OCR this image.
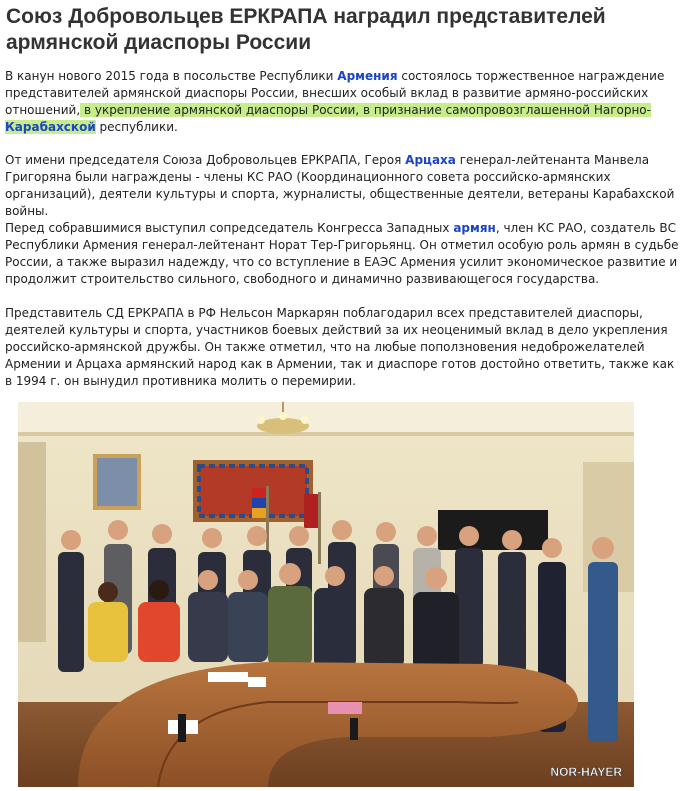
Союз Добровольцев ЕРКРАПА наградил представителей армянской диаспоры России

В канун нового 2015 года в посольстве Республики Армения состоялось торжественное награждение представителей армянской диаспоры России, внесших особый вклад в развитие армяно-российских отношений, в укрепление армянской диаспоры России, в признание самопровозглашенной Нагорно-Карабахской республики.

От имени председателя Союза Добровольцев ЕРКРАПА, Героя Арцаха генерал-лейтенанта Манвела Григоряна были награждены - члены КС РАО (Координационного совета российско-армянских организаций), деятели культуры и спорта, журналисты, общественные деятели, ветераны Карабахской войны.

Перед собравшимися выступил сопредседатель Конгресса Западных армян, член КС РАО, создатель ВС Республики Армения генерал-лейтенант Норат Тер-Григорьянц. Он отметил особую роль армян в судьбе России, а также выразил надежду, что со вступление в ЕАЭС Армения усилит экономическое развитие и продолжит строительство сильного, свободного и динамично развивающегося государства.

Представитель СД ЕРКРАПА в РФ Нельсон Маркарян поблагодарил всех представителей диаспоры, деятелей культуры и спорта, участников боевых действий за их неоценимый вклад в дело укрепления российско-армянской дружбы. Он также отметил, что на любые поползновения недоброжелателей Армении и Арцаха армянский народ как в Армении, так и диаспоре готов достойно ответить, также как в 1994 г. он вынудил противника молить о перемирии.

NOR-HAYER
